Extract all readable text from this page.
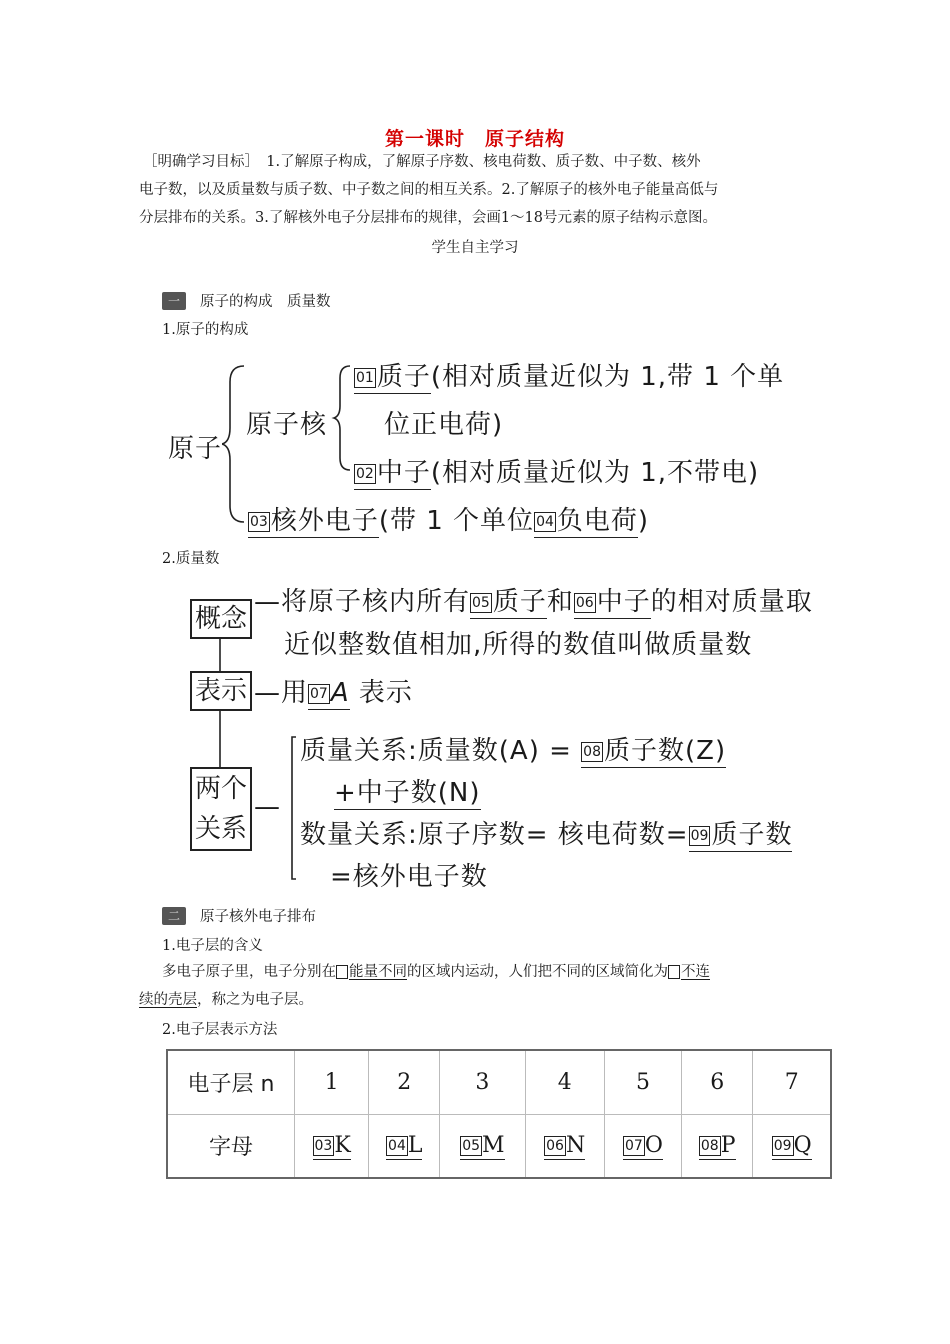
第一课时　原子结构
［明确学习目标］　1.了解原子构成，了解原子序数、核电荷数、质子数、中子数、核外
电子数，以及质量数与质子数、中子数之间的相互关系。2.了解原子的核外电子能量高低与
分层排布的关系。3.了解核外电子分层排布的规律，会画1～18号元素的原子结构示意图。
学生自主学习
一	原子的构成　质量数
1.原子的构成
原子
原子核
01 质子(相对质量近似为 1,带 1 个单
位正电荷)
02 中子(相对质量近似为 1,不带电)
03 核外电子(带 1 个单位 04 负电荷)
2.质量数
概念
—将原子核内所有 05 质子和 06 中子的相对质量取
近似整数值相加,所得的数值叫做质量数
表示 —用 07 A 表示
两个关系
—
质量关系:质量数(A) = 08 质子数(Z)
+中子数(N)
数量关系:原子序数= 核电荷数= 09 质子数
=核外电子数
二	原子核外电子排布
1.电子层的含义
多电子原子里，电子分别在 能量不同的区域内运动，人们把不同的区域简化为 不连
续的壳层，称之为电子层。
2.电子层表示方法
电子层 n	1	2	3	4	5	6	7
字母	03K	04L	05M	06N	07O	08P	09Q
